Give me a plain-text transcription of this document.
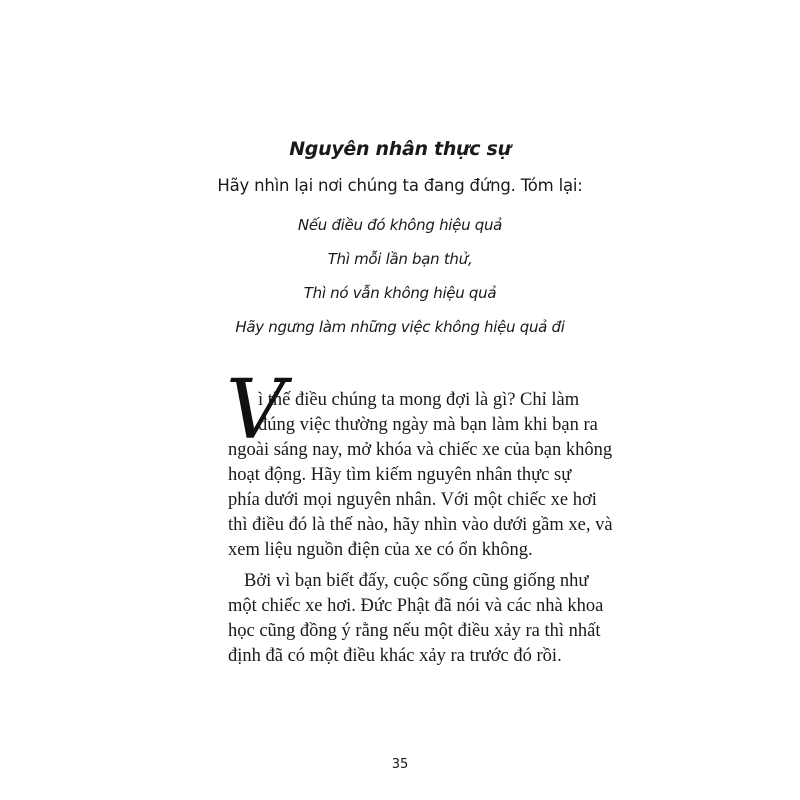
Nguyên nhân thực sự
Hãy nhìn lại nơi chúng ta đang đứng. Tóm lại:
Nếu điều đó không hiệu quả
Thì mỗi lần bạn thử,
Thì nó vẫn không hiệu quả
Hãy ngưng làm những việc không hiệu quả đi
V
ì thế điều chúng ta mong đợi là gì? Chỉ làm
đúng việc thường ngày mà bạn làm khi bạn ra
ngoài sáng nay, mở khóa và chiếc xe của bạn không
hoạt động. Hãy tìm kiếm nguyên nhân thực sự
phía dưới mọi nguyên nhân. Với một chiếc xe hơi
thì điều đó là thế nào, hãy nhìn vào dưới gầm xe, và
xem liệu nguồn điện của xe có ổn không.
Bởi vì bạn biết đấy, cuộc sống cũng giống như
một chiếc xe hơi. Đức Phật đã nói và các nhà khoa
học cũng đồng ý rằng nếu một điều xảy ra thì nhất
định đã có một điều khác xảy ra trước đó rồi.
35
